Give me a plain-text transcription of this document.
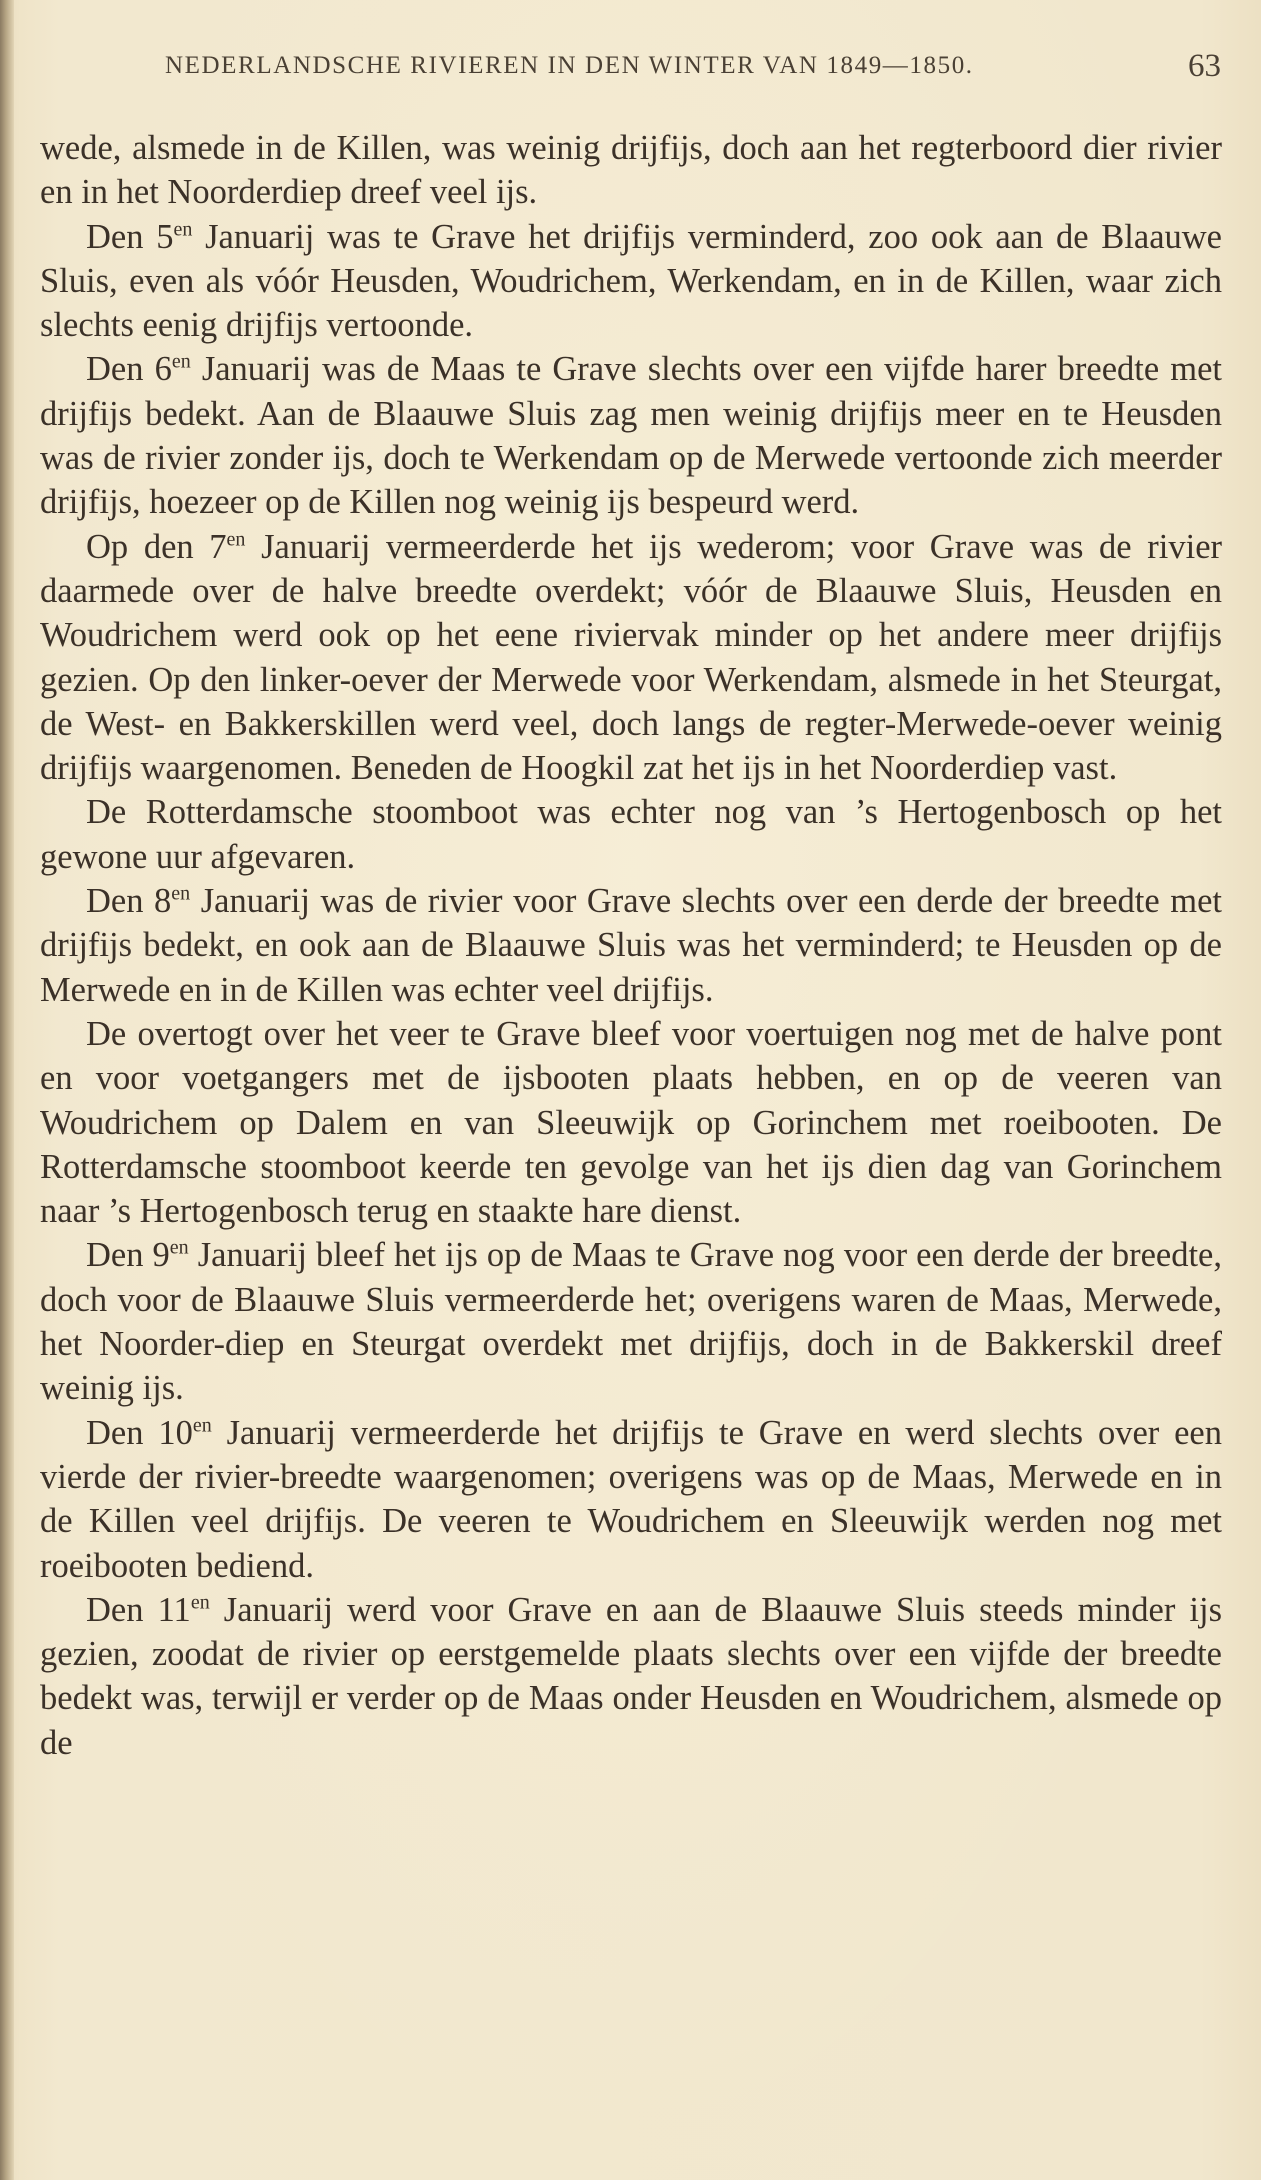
NEDERLANDSCHE RIVIEREN IN DEN WINTER VAN 1849—1850.	63

wede, alsmede in de Killen, was weinig drijfijs, doch aan het regterboord dier rivier en in het Noorderdiep dreef veel ijs.

Den $5^{en}$ Januarij was te Grave het drijfijs verminderd, zoo ook aan de Blaauwe Sluis, even als vóór Heusden, Woudrichem, Werkendam, en in de Killen, waar zich slechts eenig drijfijs vertoonde.

Den $6^{en}$ Januarij was de Maas te Grave slechts over een vijfde harer breedte met drijfijs bedekt. Aan de Blaauwe Sluis zag men weinig drijfijs meer en te Heusden was de rivier zonder ijs, doch te Werkendam op de Merwede vertoonde zich meerder drijfijs, hoezeer op de Killen nog weinig ijs bespeurd werd.

Op den $7^{en}$ Januarij vermeerderde het ijs wederom; voor Grave was de rivier daarmede over de halve breedte overdekt; vóór de Blaauwe Sluis, Heusden en Woudrichem werd ook op het eene riviervak minder op het andere meer drijfijs gezien. Op den linker-oever der Merwede voor Werkendam, alsmede in het Steurgat, de West- en Bakkerskillen werd veel, doch langs de regter-Merwede-oever weinig drijfijs waargenomen. Beneden de Hoogkil zat het ijs in het Noorderdiep vast.

De Rotterdamsche stoomboot was echter nog van ’s Hertogenbosch op het gewone uur afgevaren.

Den $8^{en}$ Januarij was de rivier voor Grave slechts over een derde der breedte met drijfijs bedekt, en ook aan de Blaauwe Sluis was het verminderd; te Heusden op de Merwede en in de Killen was echter veel drijfijs.

De overtogt over het veer te Grave bleef voor voertuigen nog met de halve pont en voor voetgangers met de ijsbooten plaats hebben, en op de veeren van Woudrichem op Dalem en van Sleeuwijk op Gorinchem met roeibooten. De Rotterdamsche stoomboot keerde ten gevolge van het ijs dien dag van Gorinchem naar ’s Hertogenbosch terug en staakte hare dienst.

Den $9^{en}$ Januarij bleef het ijs op de Maas te Grave nog voor een derde der breedte, doch voor de Blaauwe Sluis vermeerderde het; overigens waren de Maas, Merwede, het Noorder-diep en Steurgat overdekt met drijfijs, doch in de Bakkerskil dreef weinig ijs.

Den $10^{en}$ Januarij vermeerderde het drijfijs te Grave en werd slechts over een vierde der rivier-breedte waargenomen; overigens was op de Maas, Merwede en in de Killen veel drijfijs. De veeren te Woudrichem en Sleeuwijk werden nog met roeibooten bediend.

Den $11^{en}$ Januarij werd voor Grave en aan de Blaauwe Sluis steeds minder ijs gezien, zoodat de rivier op eerstgemelde plaats slechts over een vijfde der breedte bedekt was, terwijl er verder op de Maas onder Heusden en Woudrichem, alsmede op de
